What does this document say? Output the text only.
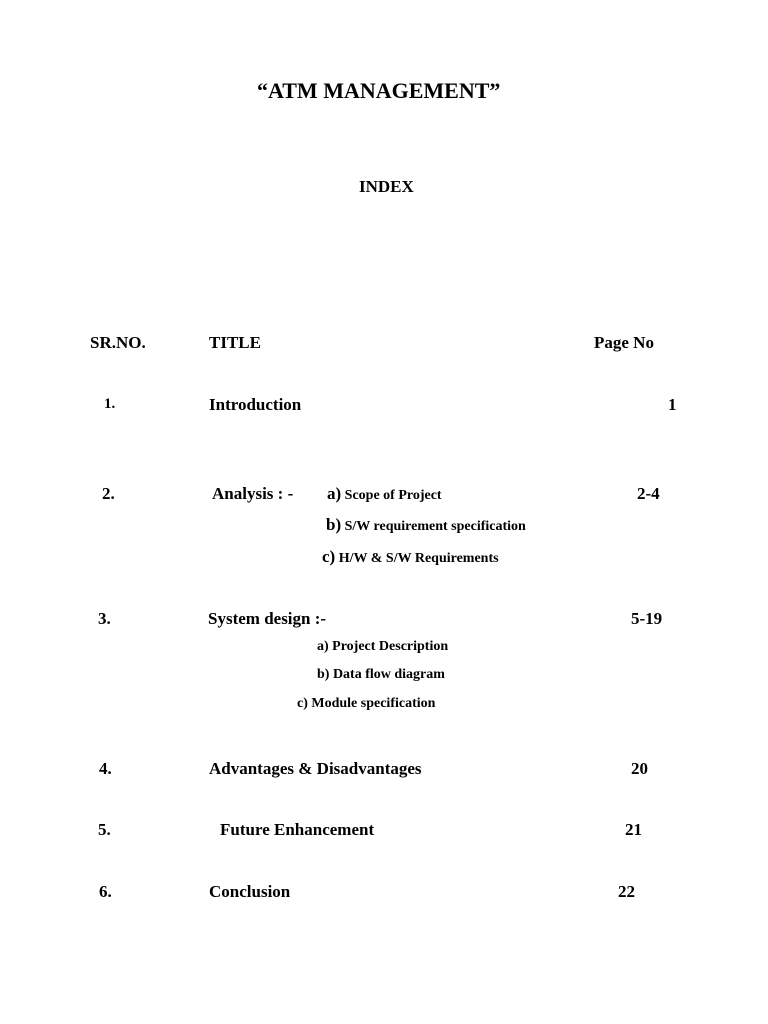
“ATM MANAGEMENT”
INDEX
SR.NO.	TITLE	Page No
1.	Introduction	1
2.	Analysis : -	2-4
a) Scope of Project
b) S/W requirement specification
c) H/W & S/W Requirements
3.	System design :-	5-19
a) Project Description
b) Data flow diagram
c) Module specification
4.	Advantages & Disadvantages	20
5.	Future Enhancement	21
6.	Conclusion	22
